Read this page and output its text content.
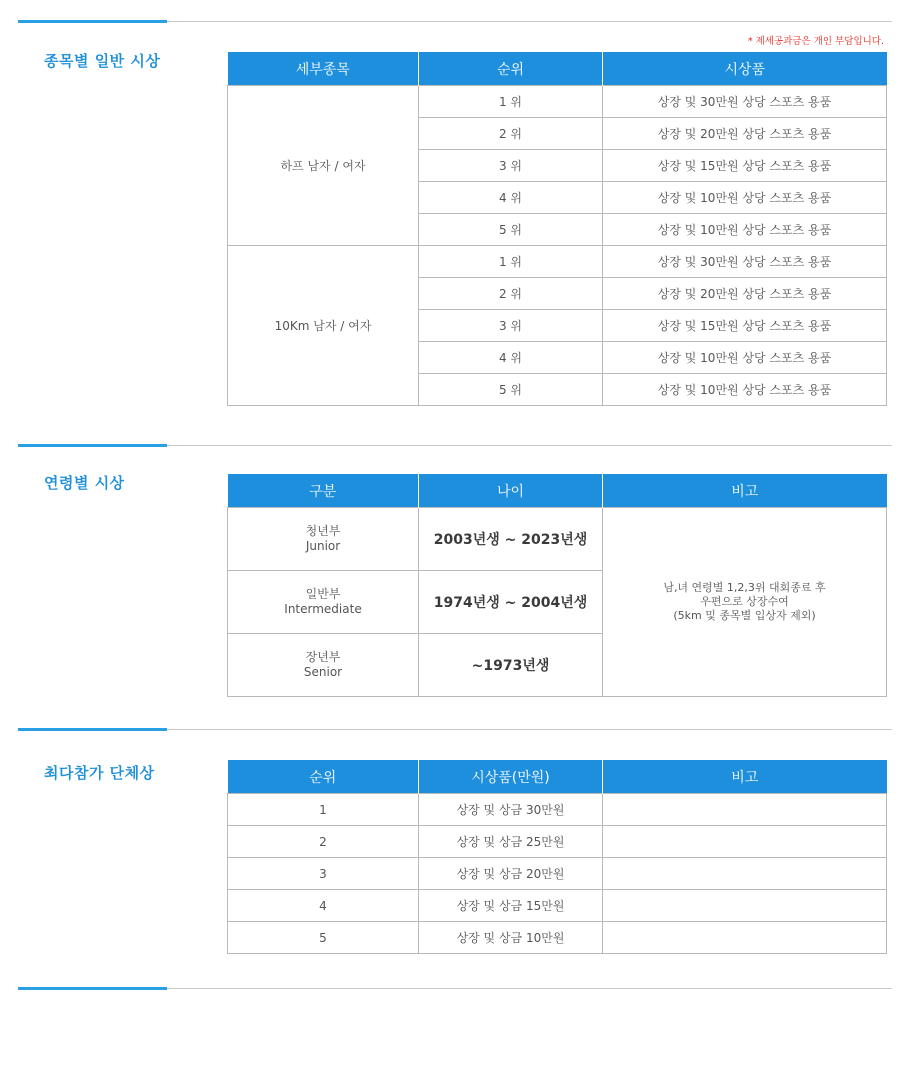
종목별 일반 시상
* 제세공과금은 개인 부담입니다.
세부종목	순위	시상품
하프 남자 / 여자	1 위	상장 및 30만원 상당 스포츠 용품
	2 위	상장 및 20만원 상당 스포츠 용품
	3 위	상장 및 15만원 상당 스포츠 용품
	4 위	상장 및 10만원 상당 스포츠 용품
	5 위	상장 및 10만원 상당 스포츠 용품
10Km 남자 / 여자	1 위	상장 및 30만원 상당 스포츠 용품
	2 위	상장 및 20만원 상당 스포츠 용품
	3 위	상장 및 15만원 상당 스포츠 용품
	4 위	상장 및 10만원 상당 스포츠 용품
	5 위	상장 및 10만원 상당 스포츠 용품
연령별 시상	구분	나이	비고

청년부
Junior	2003년생 ~ 2023년생	남,녀 연령별 1,2,3위 대회종료 후
우편으로 상장수여
(5km 및 종목별 입상자 제외)

일반부
Intermediate	1974년생 ~ 2004년생	

장년부
Senior	~1973년생	
최다참가 단체상	순위	시상품(만원)	비고
1	상장 및 상금 30만원	
2	상장 및 상금 25만원	
3	상장 및 상금 20만원	
4	상장 및 상금 15만원	
5	상장 및 상금 10만원	
